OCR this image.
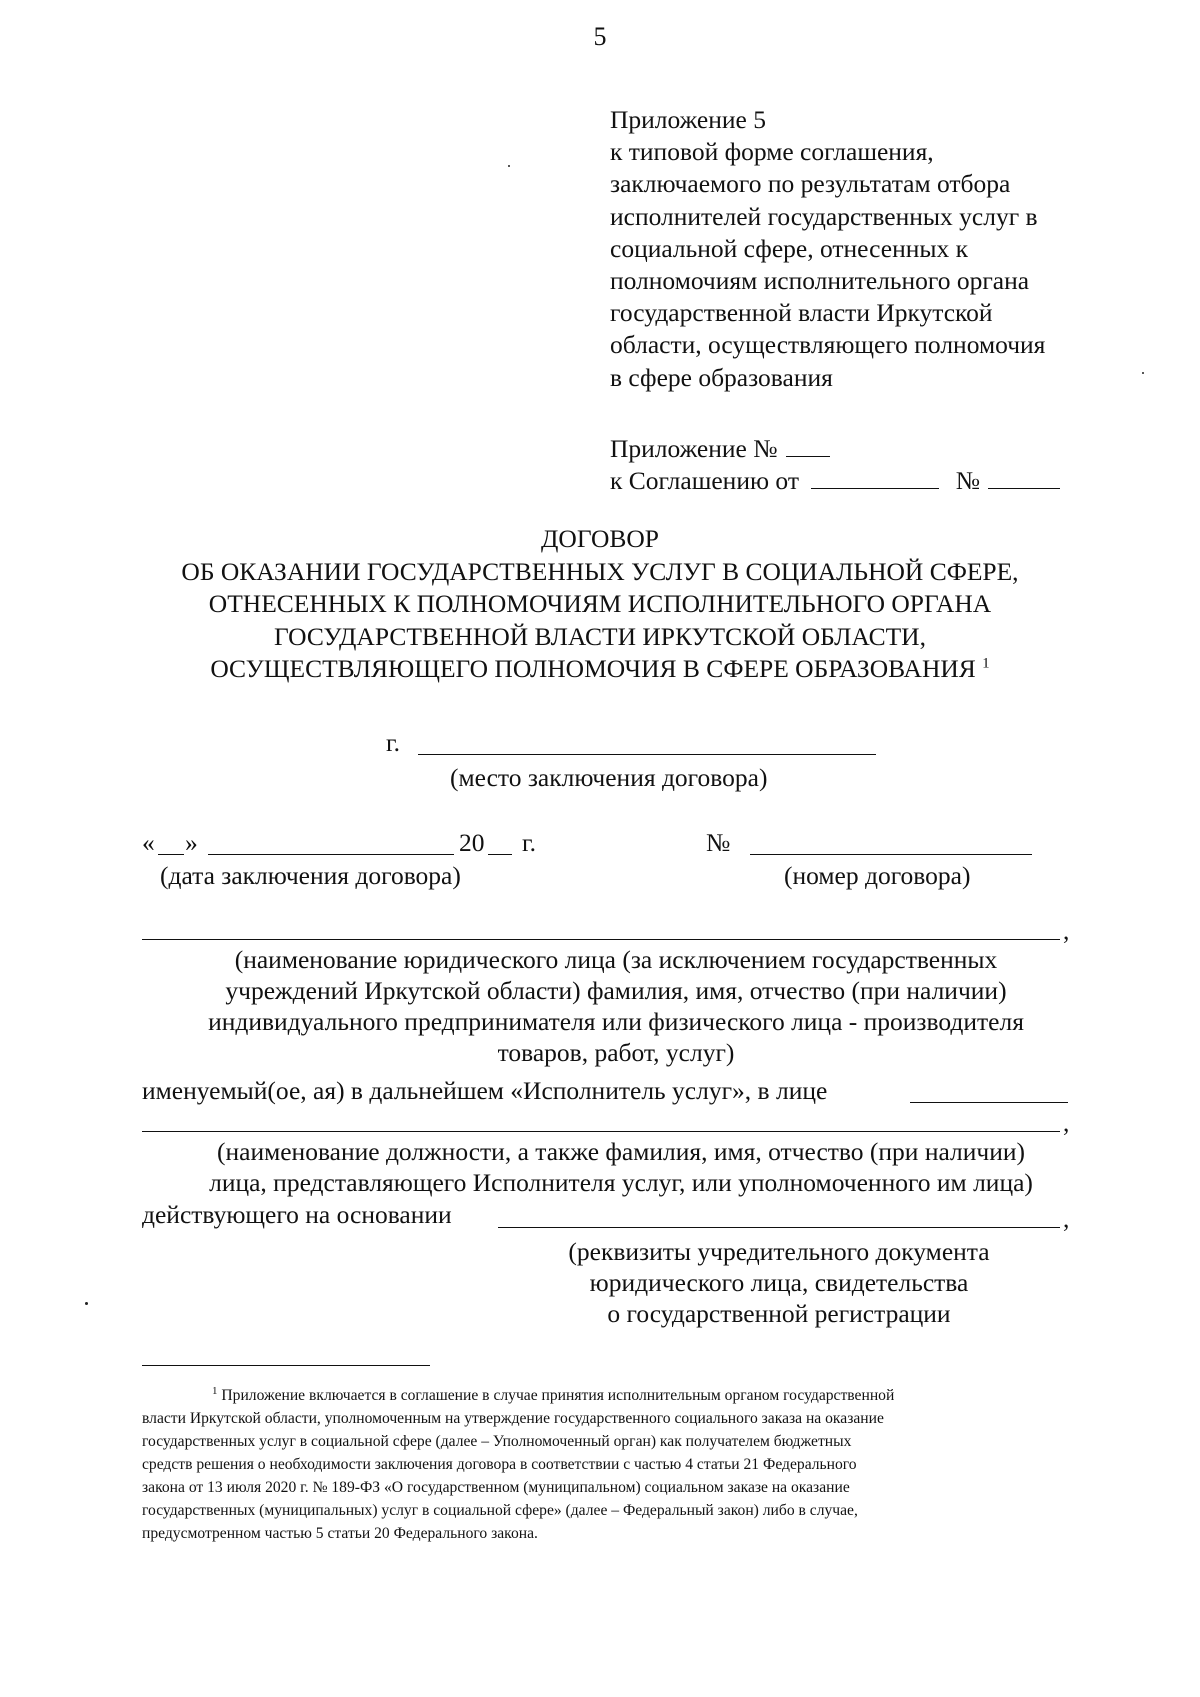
5
Приложение 5
к типовой форме соглашения,
заключаемого по результатам отбора
исполнителей государственных услуг в
социальной сфере, отнесенных к
полномочиям исполнительного органа
государственной власти Иркутской
области, осуществляющего полномочия
в сфере образования
Приложение №
к Соглашению от	№
ДОГОВОР
ОБ ОКАЗАНИИ ГОСУДАРСТВЕННЫХ УСЛУГ В СОЦИАЛЬНОЙ СФЕРЕ,
ОТНЕСЕННЫХ К ПОЛНОМОЧИЯМ ИСПОЛНИТЕЛЬНОГО ОРГАНА
ГОСУДАРСТВЕННОЙ ВЛАСТИ ИРКУТСКОЙ ОБЛАСТИ,
ОСУЩЕСТВЛЯЮЩЕГО ПОЛНОМОЧИЯ В СФЕРЕ ОБРАЗОВАНИЯ $^1$
г.
(место заключения договора)
« »	20 г.	№
(дата заключения договора)	(номер договора)
,
(наименование юридического лица (за исключением государственных
учреждений Иркутской области) фамилия, имя, отчество (при наличии)
индивидуального предпринимателя или физического лица - производителя
товаров, работ, услуг)
именуемый(ое, ая) в дальнейшем «Исполнитель услуг», в лице
,
(наименование должности, а также фамилия, имя, отчество (при наличии)
лица, представляющего Исполнителя услуг, или уполномоченного им лица)
действующего на основании	,
(реквизиты учредительного документа
юридического лица, свидетельства
о государственной регистрации
$^1$ Приложение включается в соглашение в случае принятия исполнительным органом государственной
власти Иркутской области, уполномоченным на утверждение государственного социального заказа на оказание
государственных услуг в социальной сфере (далее – Уполномоченный орган) как получателем бюджетных
средств решения о необходимости заключения договора в соответствии с частью 4 статьи 21 Федерального
закона от 13 июля 2020 г. № 189-ФЗ «О государственном (муниципальном) социальном заказе на оказание
государственных (муниципальных) услуг в социальной сфере» (далее – Федеральный закон) либо в случае,
предусмотренном частью 5 статьи 20 Федерального закона.
